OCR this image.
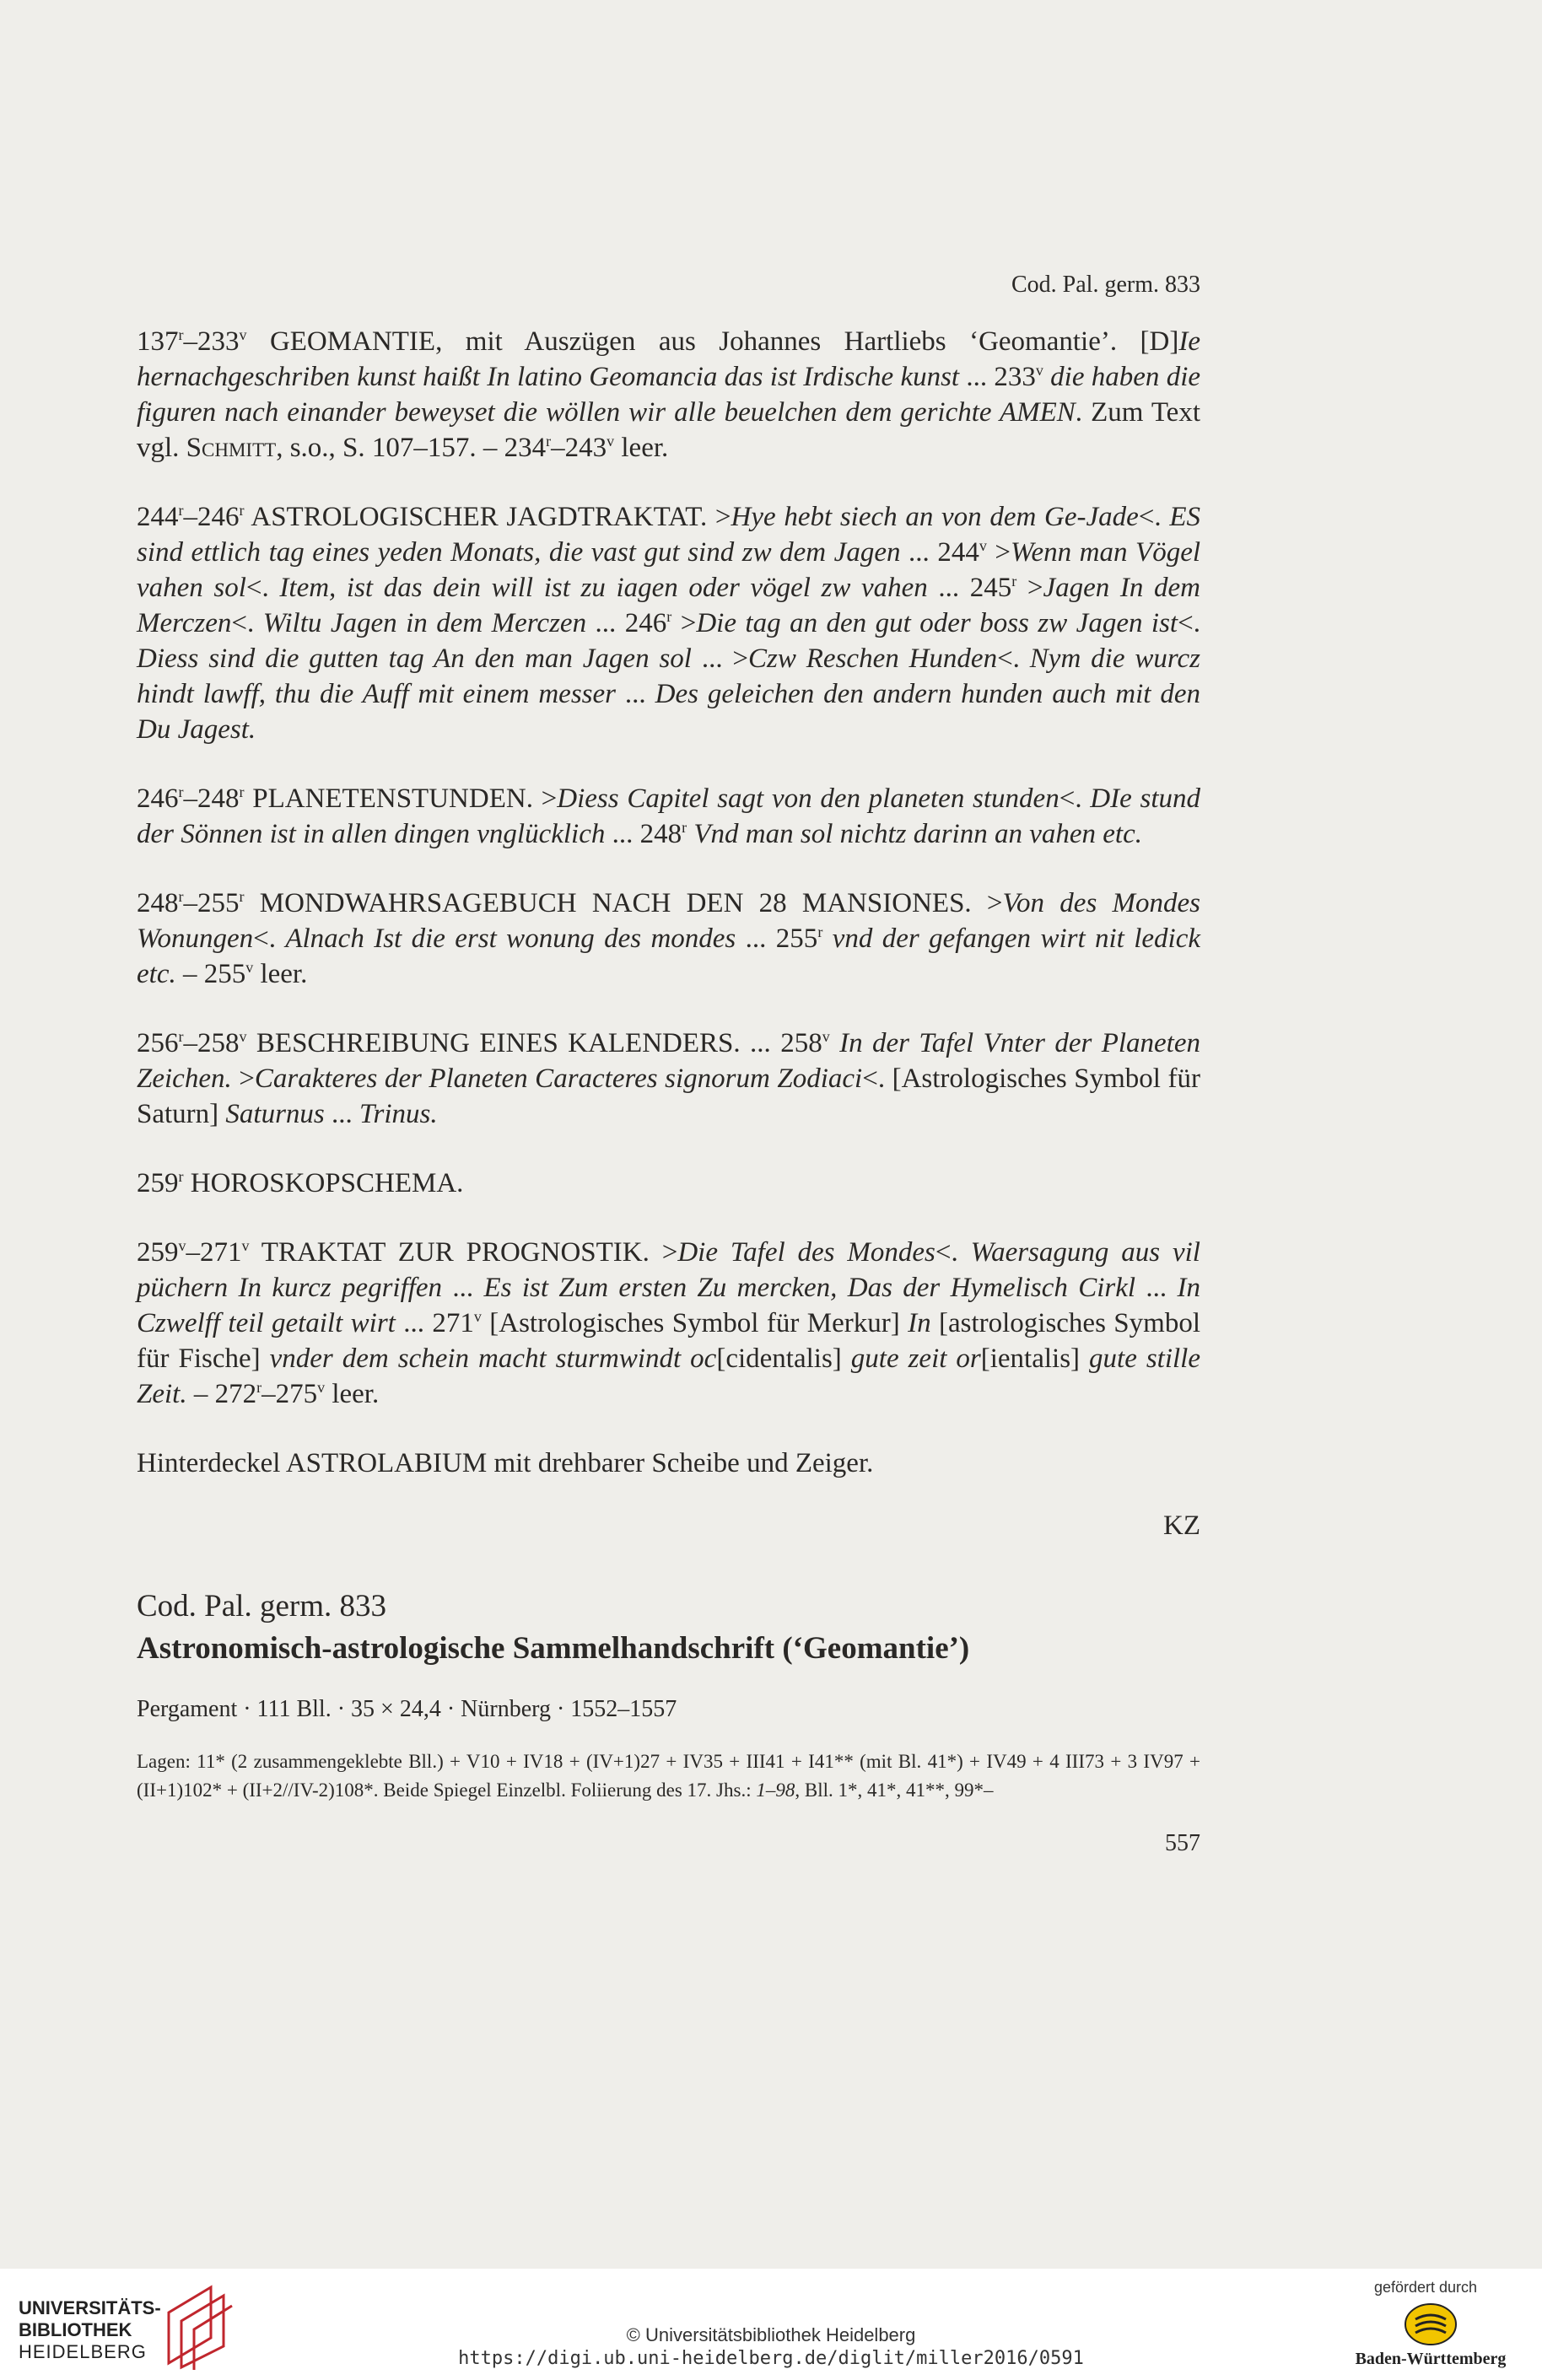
Cod. Pal. germ. 833

137$^r$–233$^v$ GEOMANTIE, mit Auszügen aus Johannes Hartliebs ‘Geomantie’. [D]Ie hernachgeschriben kunst haißt In latino Geomancia das ist Irdische kunst ... 233$^v$ die haben die figuren nach einander beweyset die wöllen wir alle beuelchen dem gerichte AMEN. Zum Text vgl. Schmitt, s.o., S. 107–157. – 234$^r$–243$^v$ leer.

244$^r$–246$^r$ ASTROLOGISCHER JAGDTRAKTAT. >Hye hebt siech an von dem Ge-Jade<. ES sind ettlich tag eines yeden Monats, die vast gut sind zw dem Jagen ... $244^v$ >Wenn man Vögel vahen sol<. Item, ist das dein will ist zu iagen oder vögel zw vahen ... $245^r$ >Jagen In dem Merczen<. Wiltu Jagen in dem Merczen ... $246^r >Die$ tag an den gut oder boss zw Jagen ist<. Diess sind die gutten tag An den man Jagen sol ... >Czw Reschen Hunden<. Nym die wurcz hindt lawff, thu die Auff mit einem messer ... Des geleichen den andern hunden auch mit den Du Jagest.

246$^r$–248$^r$ PLANETENSTUNDEN. >Diess Capitel sagt von den planeten stunden<. DIe stund der Sönnen ist in allen dingen vnglücklich ... 248$^r$ Vnd man sol nichtz darinn an vahen etc.

248$^r$–255$^r$ MONDWAHRSAGEBUCH NACH DEN 28 MANSIONES. >Von des Mondes Wonungen<. Alnach Ist die erst wonung des mondes ... 255$^r$ vnd der gefangen wirt nit ledick etc. – 255$^v$ leer.

256$^r$–258$^v$ BESCHREIBUNG EINES KALENDERS. ... 258$^v$ In der Tafel Vnter der Planeten Zeichen. >Carakteres der Planeten Caracteres signorum Zodiaci<. [Astrologisches Symbol für Saturn] Saturnus ... Trinus.

259$^r$ HOROSKOPSCHEMA.

259$^v$–271$^v$ TRAKTAT ZUR PROGNOSTIK. >Die Tafel des Mondes<. Waersagung aus vil püchern In kurcz pegriffen ... Es ist Zum ersten Zu mercken, Das der Hymelisch Cirkl ... In Czwelff teil getailt wirt ... 271$^v$ [Astrologisches Symbol für Merkur] In [astrologisches Symbol für Fische] vnder dem schein macht sturmwindt oc[cidentalis] gute zeit or[ientalis] gute stille Zeit. – 272$^r$–275$^v$ leer.

Hinterdeckel ASTROLABIUM mit drehbarer Scheibe und Zeiger.

KZ

Cod. Pal. germ. 833

Astronomisch-astrologische Sammelhandschrift (‘Geomantie’)

Pergament · 111 Bll. · 35 × 24,4 · Nürnberg · 1552–1557
Lagen: 11* (2 zusammengeklebte Bll.) + V10 + IV18 + (IV+1)27 + IV35 + III41 + I41** (mit Bl. 41*) + IV49 + 4 III73 + 3 IV97 + (II+1)102* + (II+2//IV-2)108*. Beide Spiegel Einzelbl. Foliierung des 17. Jhs.: 1–98, Bll. 1*, 41*, 41**, 99*–
557
UNIVERSITÄTS-
BIBLIOTHEK
HEIDELBERG
© Universitätsbibliothek Heidelberg
https://digi.ub.uni-heidelberg.de/diglit/miller2016/0591
gefördert durch
Baden-Württemberg
